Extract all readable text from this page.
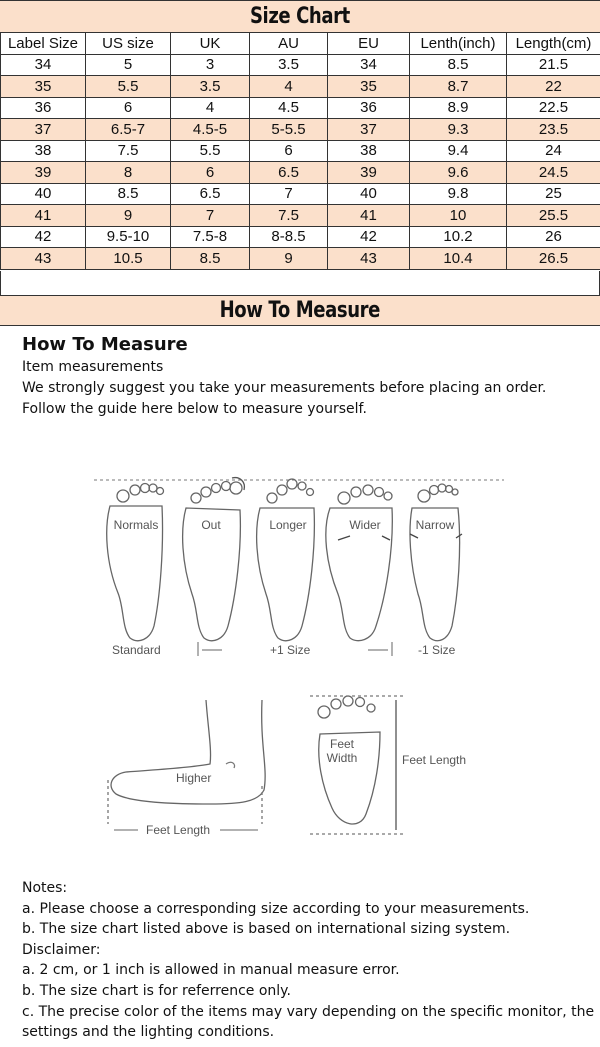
Size Chart
Label Size	US size	UK	AU	EU	Lenth(inch)	Length(cm)
34	5	3	3.5	34	8.5	21.5
35	5.5	3.5	4	35	8.7	22
36	6	4	4.5	36	8.9	22.5
37	6.5-7	4.5-5	5-5.5	37	9.3	23.5
38	7.5	5.5	6	38	9.4	24
39	8	6	6.5	39	9.6	24.5
40	8.5	6.5	7	40	9.8	25
41	9	7	7.5	41	10	25.5
42	9.5-10	7.5-8	8-8.5	42	10.2	26
43	10.5	8.5	9	43	10.4	26.5
How To Measure
How To Measure

Item measurements

We strongly suggest you take your measurements before placing an order.

Follow the guide here below to measure yourself.

Normals	Out	Longer	Wider	Narrow
Standard	+1 Size	-1 Size
Higher
Feet Length
Feet
Width	Feet Length

Notes:

a. Please choose a corresponding size according to your measurements.

b. The size chart listed above is based on international sizing system.

Disclaimer:

a. 2 cm, or 1 inch is allowed in manual measure error.

b. The size chart is for referrence only.

c. The precise color of the items may vary depending on the specific monitor, the settings and the lighting conditions.
